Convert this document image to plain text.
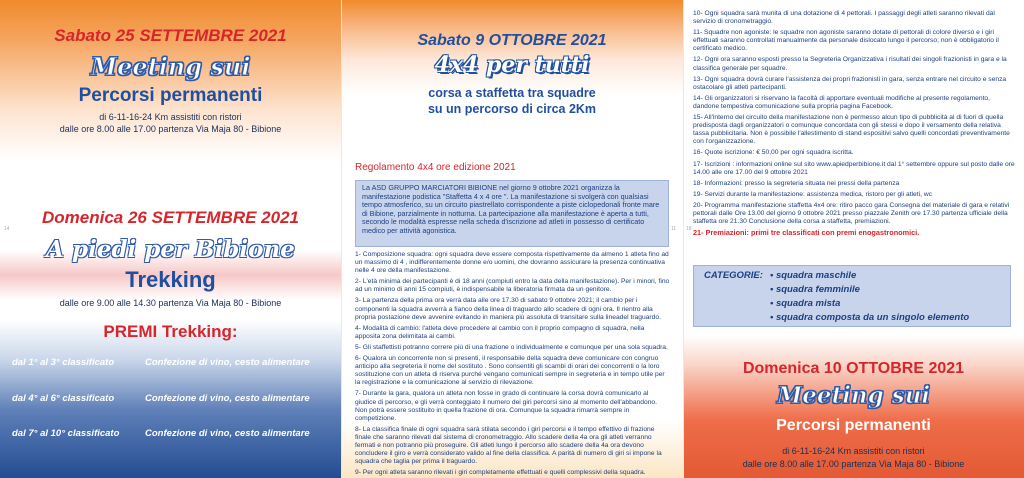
Sabato 25 SETTEMBRE 2021
Meeting sui
Percorsi permanenti
di 6-11-16-24 Km assistiti con ristori
dalle ore 8.00 alle 17.00 partenza Via Maja 80 - Bibione
Domenica 26 SETTEMBRE 2021
A piedi per Bibione
Trekking
dalle ore 9.00 alle 14.30 partenza Via Maja 80 - Bibione
PREMI Trekking:
dal 1° al 3° classificato	Confezione di vino, cesto alimentare
dal 4° al 6° classificato	Confezione di vino, cesto alimentare
dal 7° al 10° classificato	Confezione di vino, cesto alimentare
14
Sabato 9 OTTOBRE 2021
4x4 per tutti
corsa a staffetta tra squadre
su un percorso di circa 2Km
Regolamento 4x4 ore edizione 2021
La ASD GRUPPO MARCIATORI BIBIONE nel giorno 9 ottobre 2021 organizza la manifestazione podistica "Staffetta 4 x 4 ore ". La manifestazione si svolgerà con qualsiasi tempo atmosferico, su un circuito piastrellato corrispondente a piste ciclopedonali fronte mare di Bibione, parzialmente in notturna. La partecipazione alla manifestazione è aperta a tutti, secondo le modalità espresse nella scheda d'iscrizione ad atleti in possesso di certificato medico per attività agonistica.

1- Composizione squadra: ogni squadra deve essere composta rispettivamente da almeno 1 atleta fino ad un massimo di 4 , indifferentemente donne e/o uomini, che dovranno assicurare la presenza continuativa nelle 4 ore della manifestazione.

2- L'età minima dei partecipanti è di 18 anni (compiuti entro la data della manifestazione). Per i minori, fino ad un minimo di anni 15 compiuti, è indispensabile la liberatoria firmata da un genitore.

3- La partenza della prima ora verrà data alle ore 17.30 di sabato 9 ottobre 2021; il cambio per i componenti la squadra avverrà a fianco della linea di traguardo allo scadere di ogni ora. Il rientro alla propria postazione deve avvenire evitando in maniera più assoluta di transitare sulla lineadel traguardo.

4- Modalità di cambio: l'atleta deve procedere al cambio con il proprio compagno di squadra, nella apposita zona delimitata ai cambi.

5- Gli staffettisti potranno correre più di una frazione o individualmente e comunque per una sola squadra.

6- Qualora un concorrente non si presenti, il responsabile della squadra deve comunicare con congruo anticipo alla segreteria il nome del sostituto . Sono consentiti gli scambi di orari dei concorrenti o la loro sostituzione con un atleta di riserva purché vengano comunicati sempre in segreteria e in tempo utile per la registrazione e la comunicazione al servizio di rilevazione.

7- Durante la gara, qualora un atleta non fosse in grado di continuare la corsa dovrà comunicarlo al giudice di percorso, e gli verrà conteggiato il numero dei giri percorsi sino al momento dell'abbandono. Non potrà essere sostituito in quella frazione di ora. Comunque la squadra rimarrà sempre in competizione.

8- La classifica finale di ogni squadra sarà stilata secondo i giri percorsi e il tempo effettivo di frazione finale che saranno rilevati dal sistema di cronometraggio. Allo scadere della 4a ora gli atleti verranno fermati e non potranno più proseguire. Gli atleti lungo il percorso allo scadere della 4a ora devono concludere il giro e verrà considerato valido al fine della classifica. A parità di numero di giri si impone la squadra che taglia per prima il traguardo.

9- Per ogni atleta saranno rilevati i giri completamente effettuati e quelli complessivi della squadra.

11

10- Ogni squadra sarà munita di una dotazione di 4 pettorali. I passaggi degli atleti saranno rilevati dal servizio di cronometraggio.

11- Squadre non agoniste: le squadre non agoniste saranno dotate di pettorali di colore diverso e i giri effettuati saranno controllati manualmente da personale dislocato lungo il percorso; non è obbligatorio il certificato medico.

12- Ogni ora saranno esposti presso la Segreteria Organizzativa i risultati dei singoli frazionisti in gara e la classifica generale per squadre.

13- Ogni squadra dovrà curare l'assistenza dei propri frazionisti in gara, senza entrare nel circuito e senza ostacolare gli atleti partecipanti.

14- Gli organizzatori si riservano la facoltà di apportare eventuali modifiche al presente regolamento, dandone tempestiva comunicazione sulla propria pagina Facebook.

15- All'interno del circuito della manifestazione non è permesso alcun tipo di pubblicità al di fuori di quella predisposta dagli organizzatori o comunque concordata con gli stessi e dopo il versamento della relativa tassa pubblicitaria. Non è possibile l'allestimento di stand espositivi salvo quelli concordati preventivamente con l'organizzazione.

16- Quote iscrizione: € 50,00 per ogni squadra iscritta.

17- Iscrizioni : informazioni online sul sito www.apiedperbibione.it dal 1° settembre oppure sul posto dalle ore 14.00 alle ore 17.00 del 9 ottobre 2021

18- Informazioni: presso la segreteria situata nei pressi della partenza

19- Servizi durante la manifestazione: assistenza medica, ristoro per gli atleti, wc

20- Programma manifestazione staffetta 4x4 ore: ritiro pacco gara Consegna del materiale di gara e relativi pettorali dalle Ore 13.00 del giorno 9 ottobre 2021 presso piazzale Zenith ore 17.30 partenza ufficiale della staffetta ore 21.30 Conclusione della corsa a staffetta, premiazioni.

21- Premiazioni: primi tre classificati con premi enogastronomici.

CATEGORIE: • squadra maschile
• squadra femminile
• squadra mista
• squadra composta da un singolo elemento
Domenica 10 OTTOBRE 2021
Meeting sui
Percorsi permanenti
di 6-11-16-24 Km assistiti con ristori
dalle ore 8.00 alle 17.00 partenza Via Maja 80 - Bibione
18
